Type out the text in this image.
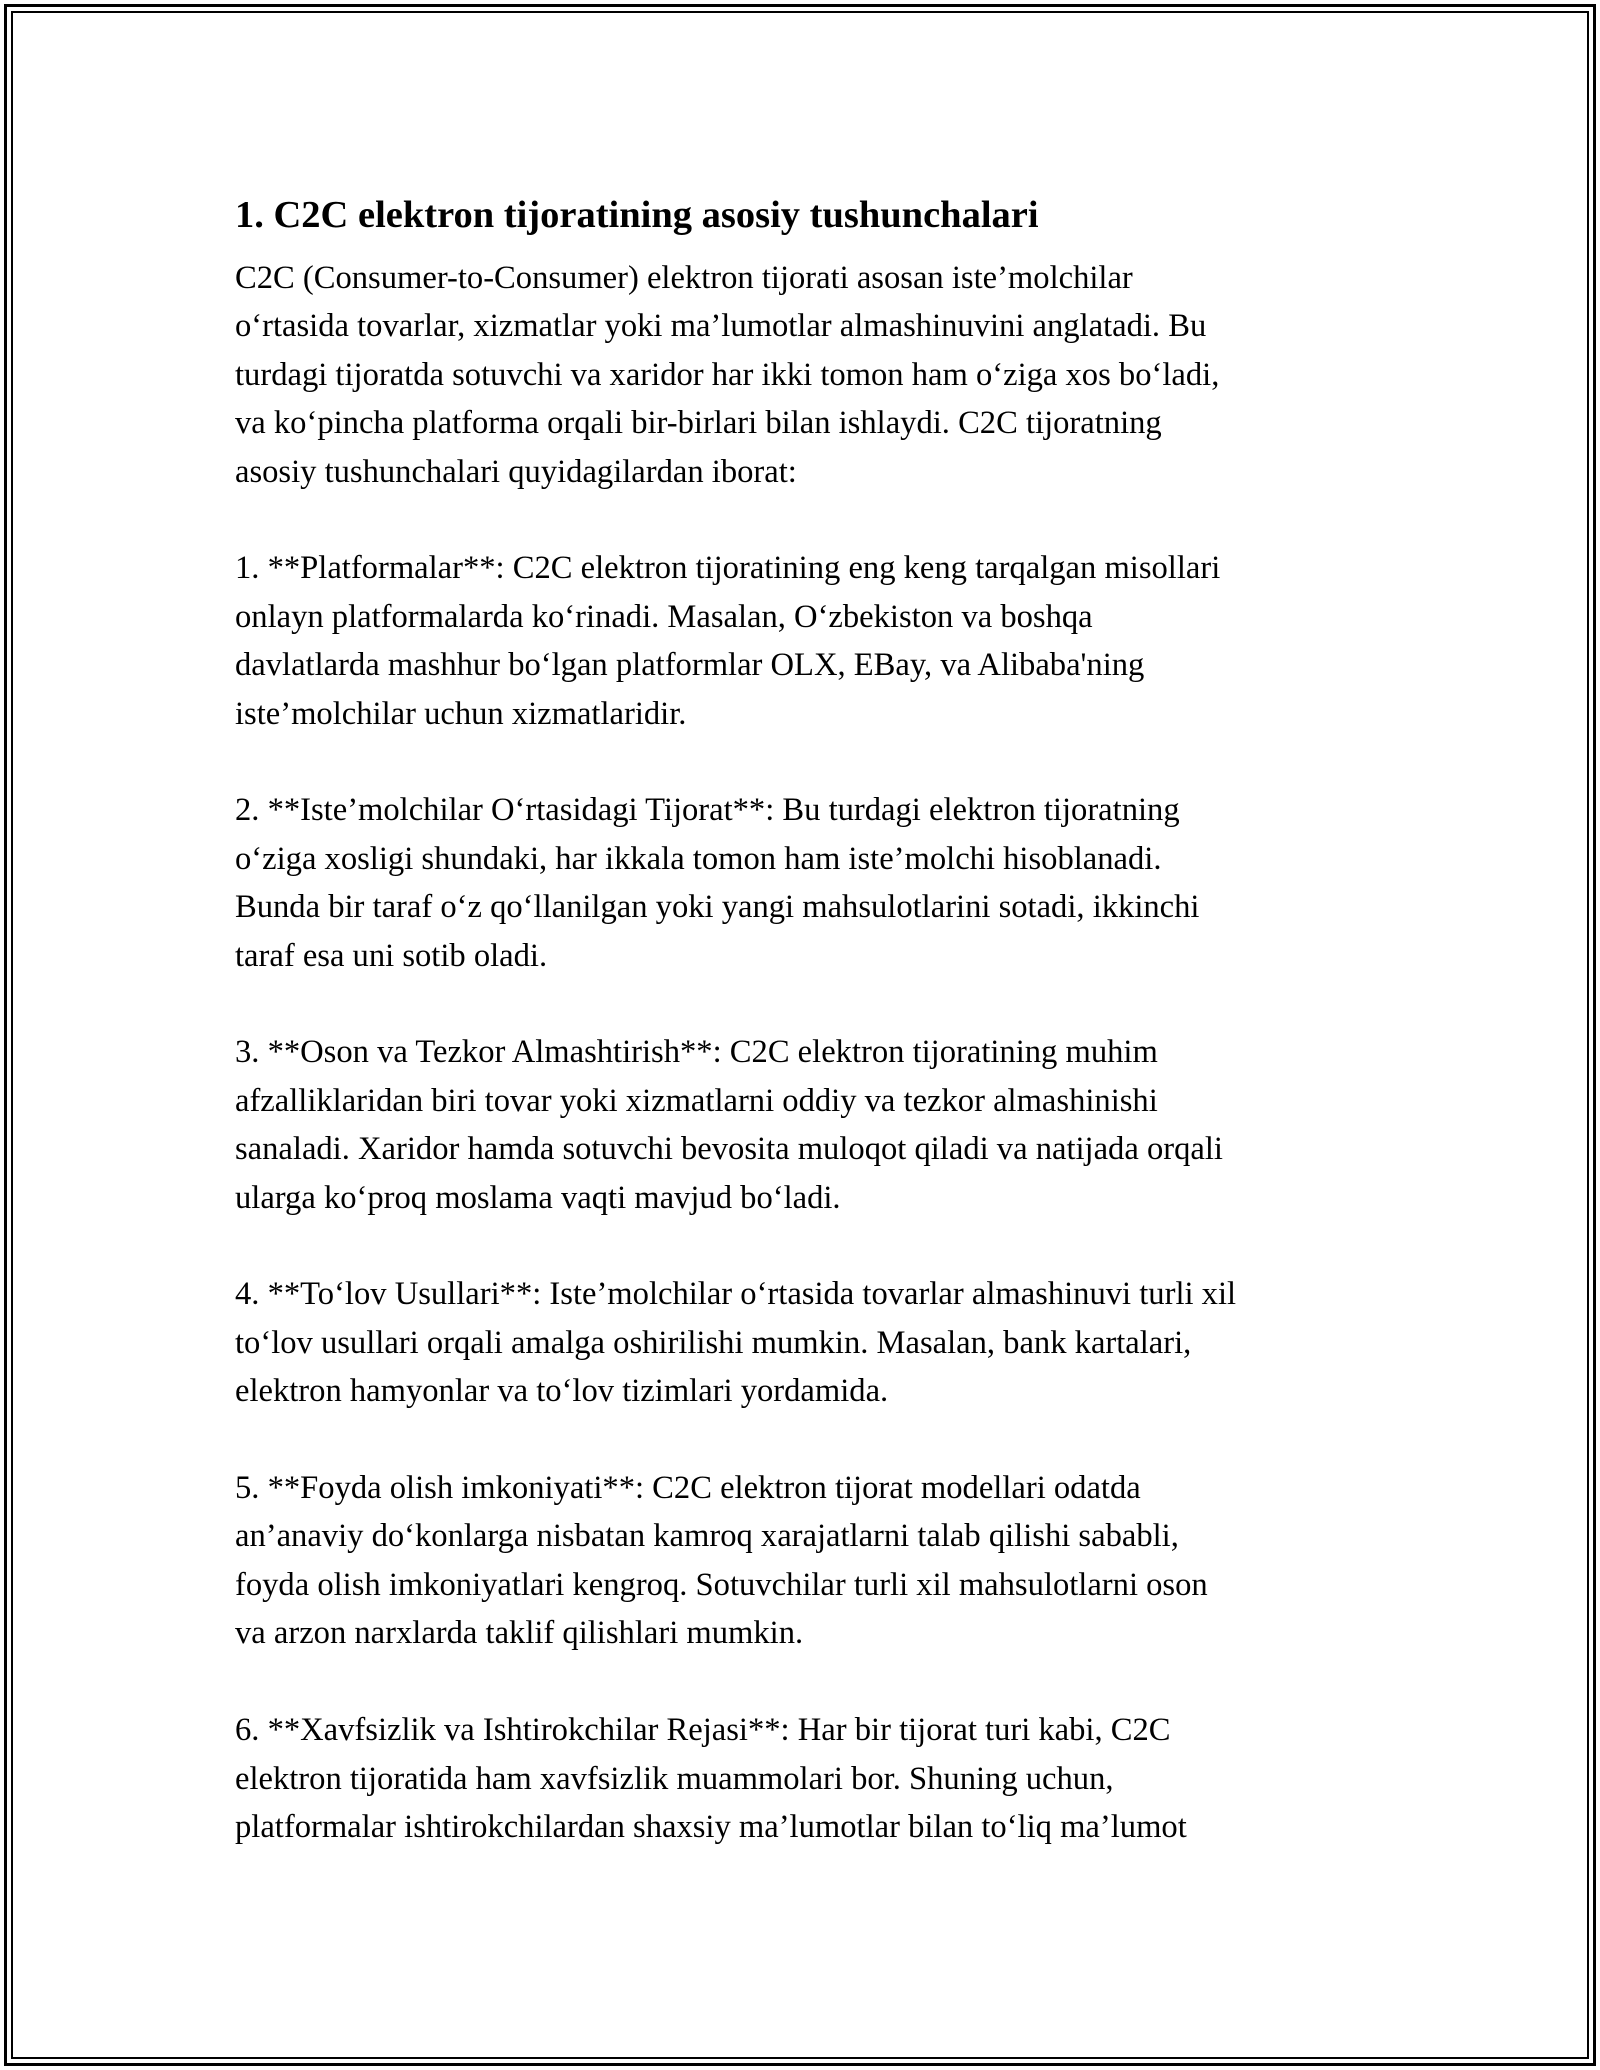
1. C2C elektron tijoratining asosiy tushunchalari

C2C (Consumer-to-Consumer) elektron tijorati asosan iste’molchilar
o‘rtasida tovarlar, xizmatlar yoki ma’lumotlar almashinuvini anglatadi. Bu
turdagi tijoratda sotuvchi va xaridor har ikki tomon ham o‘ziga xos bo‘ladi,
va ko‘pincha platforma orqali bir-birlari bilan ishlaydi. C2C tijoratning
asosiy tushunchalari quyidagilardan iborat:

1. **Platformalar**: C2C elektron tijoratining eng keng tarqalgan misollari
onlayn platformalarda ko‘rinadi. Masalan, O‘zbekiston va boshqa
davlatlarda mashhur bo‘lgan platformlar OLX, EBay, va Alibaba'ning
iste’molchilar uchun xizmatlaridir.

2. **Iste’molchilar O‘rtasidagi Tijorat**: Bu turdagi elektron tijoratning
o‘ziga xosligi shundaki, har ikkala tomon ham iste’molchi hisoblanadi.
Bunda bir taraf o‘z qo‘llanilgan yoki yangi mahsulotlarini sotadi, ikkinchi
taraf esa uni sotib oladi.

3. **Oson va Tezkor Almashtirish**: C2C elektron tijoratining muhim
afzalliklaridan biri tovar yoki xizmatlarni oddiy va tezkor almashinishi
sanaladi. Xaridor hamda sotuvchi bevosita muloqot qiladi va natijada orqali
ularga ko‘proq moslama vaqti mavjud bo‘ladi.

4. **To‘lov Usullari**: Iste’molchilar o‘rtasida tovarlar almashinuvi turli xil
to‘lov usullari orqali amalga oshirilishi mumkin. Masalan, bank kartalari,
elektron hamyonlar va to‘lov tizimlari yordamida.

5. **Foyda olish imkoniyati**: C2C elektron tijorat modellari odatda
an’anaviy do‘konlarga nisbatan kamroq xarajatlarni talab qilishi sababli,
foyda olish imkoniyatlari kengroq. Sotuvchilar turli xil mahsulotlarni oson
va arzon narxlarda taklif qilishlari mumkin.

6. **Xavfsizlik va Ishtirokchilar Rejasi**: Har bir tijorat turi kabi, C2C
elektron tijoratida ham xavfsizlik muammolari bor. Shuning uchun,
platformalar ishtirokchilardan shaxsiy ma’lumotlar bilan to‘liq ma’lumot
